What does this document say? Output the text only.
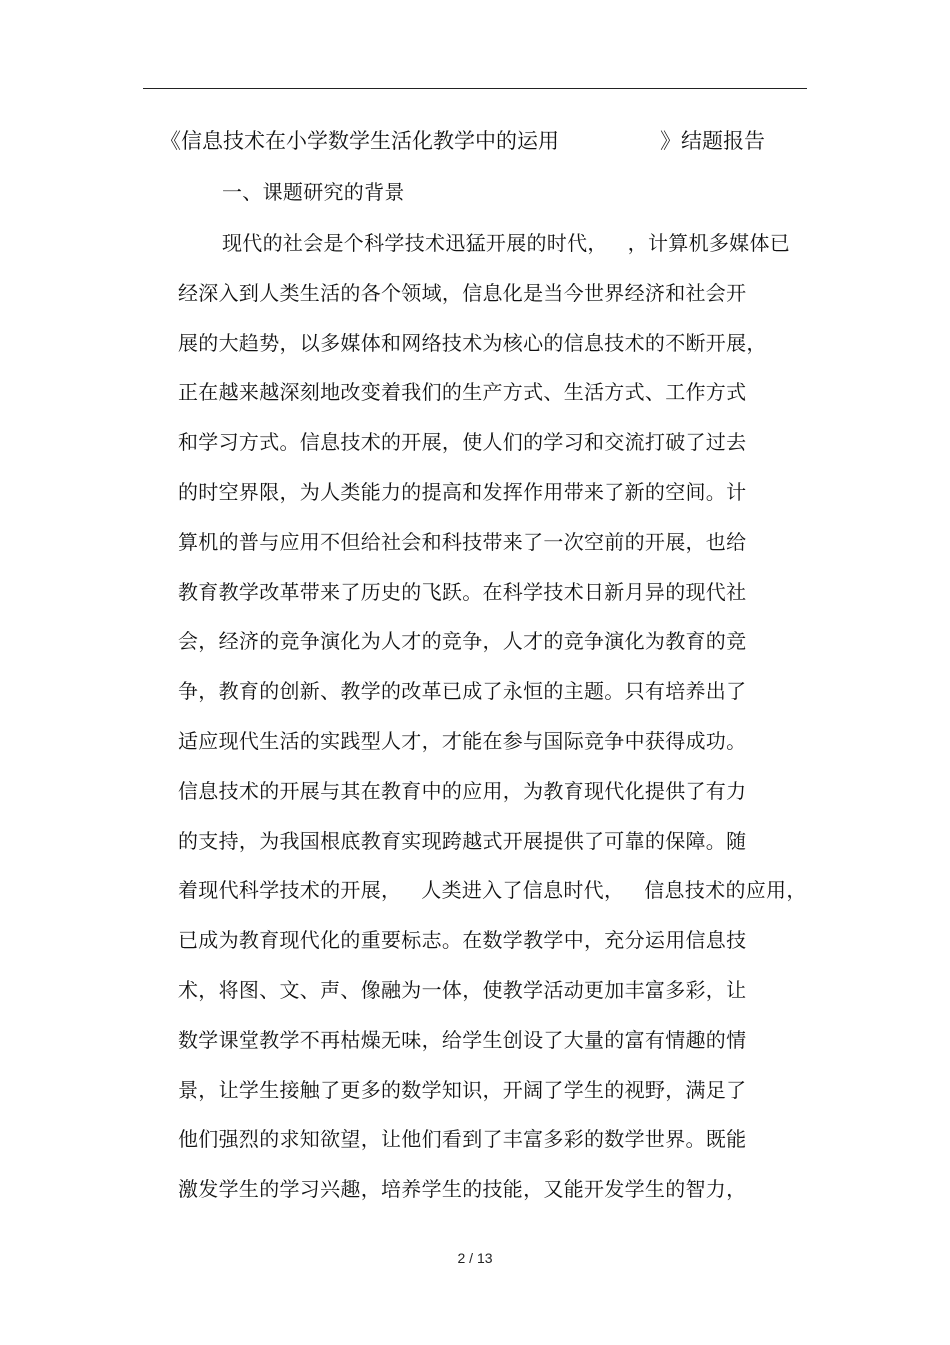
《信息技术在小学数学生活化教学中的运用

	》结题报告

一、课题研究的背景
现代的社会是个科学技术迅猛开展的时代，   ，计算机多媒体已
经深入到人类生活的各个领域，信息化是当今世界经济和社会开
展的大趋势，以多媒体和网络技术为核心的信息技术的不断开展，
正在越来越深刻地改变着我们的生产方式、生活方式、工作方式
和学习方式。信息技术的开展，使人们的学习和交流打破了过去
的时空界限，为人类能力的提高和发挥作用带来了新的空间。计
算机的普与应用不但给社会和科技带来了一次空前的开展，也给
教育教学改革带来了历史的飞跃。在科学技术日新月异的现代社
会，经济的竞争演化为人才的竞争，人才的竞争演化为教育的竞
争，教育的创新、教学的改革已成了永恒的主题。只有培养出了
适应现代生活的实践型人才，才能在参与国际竞争中获得成功。
信息技术的开展与其在教育中的应用，为教育现代化提供了有力
的支持，为我国根底教育实现跨越式开展提供了可靠的保障。随
着现代科学技术的开展，   人类进入了信息时代，   信息技术的应用，
已成为教育现代化的重要标志。在数学教学中，充分运用信息技
术，将图、文、声、像融为一体，使教学活动更加丰富多彩，让
数学课堂教学不再枯燥无味，给学生创设了大量的富有情趣的情
景，让学生接触了更多的数学知识，开阔了学生的视野，满足了
他们强烈的求知欲望，让他们看到了丰富多彩的数学世界。既能
激发学生的学习兴趣，培养学生的技能，又能开发学生的智力，
2 / 13
